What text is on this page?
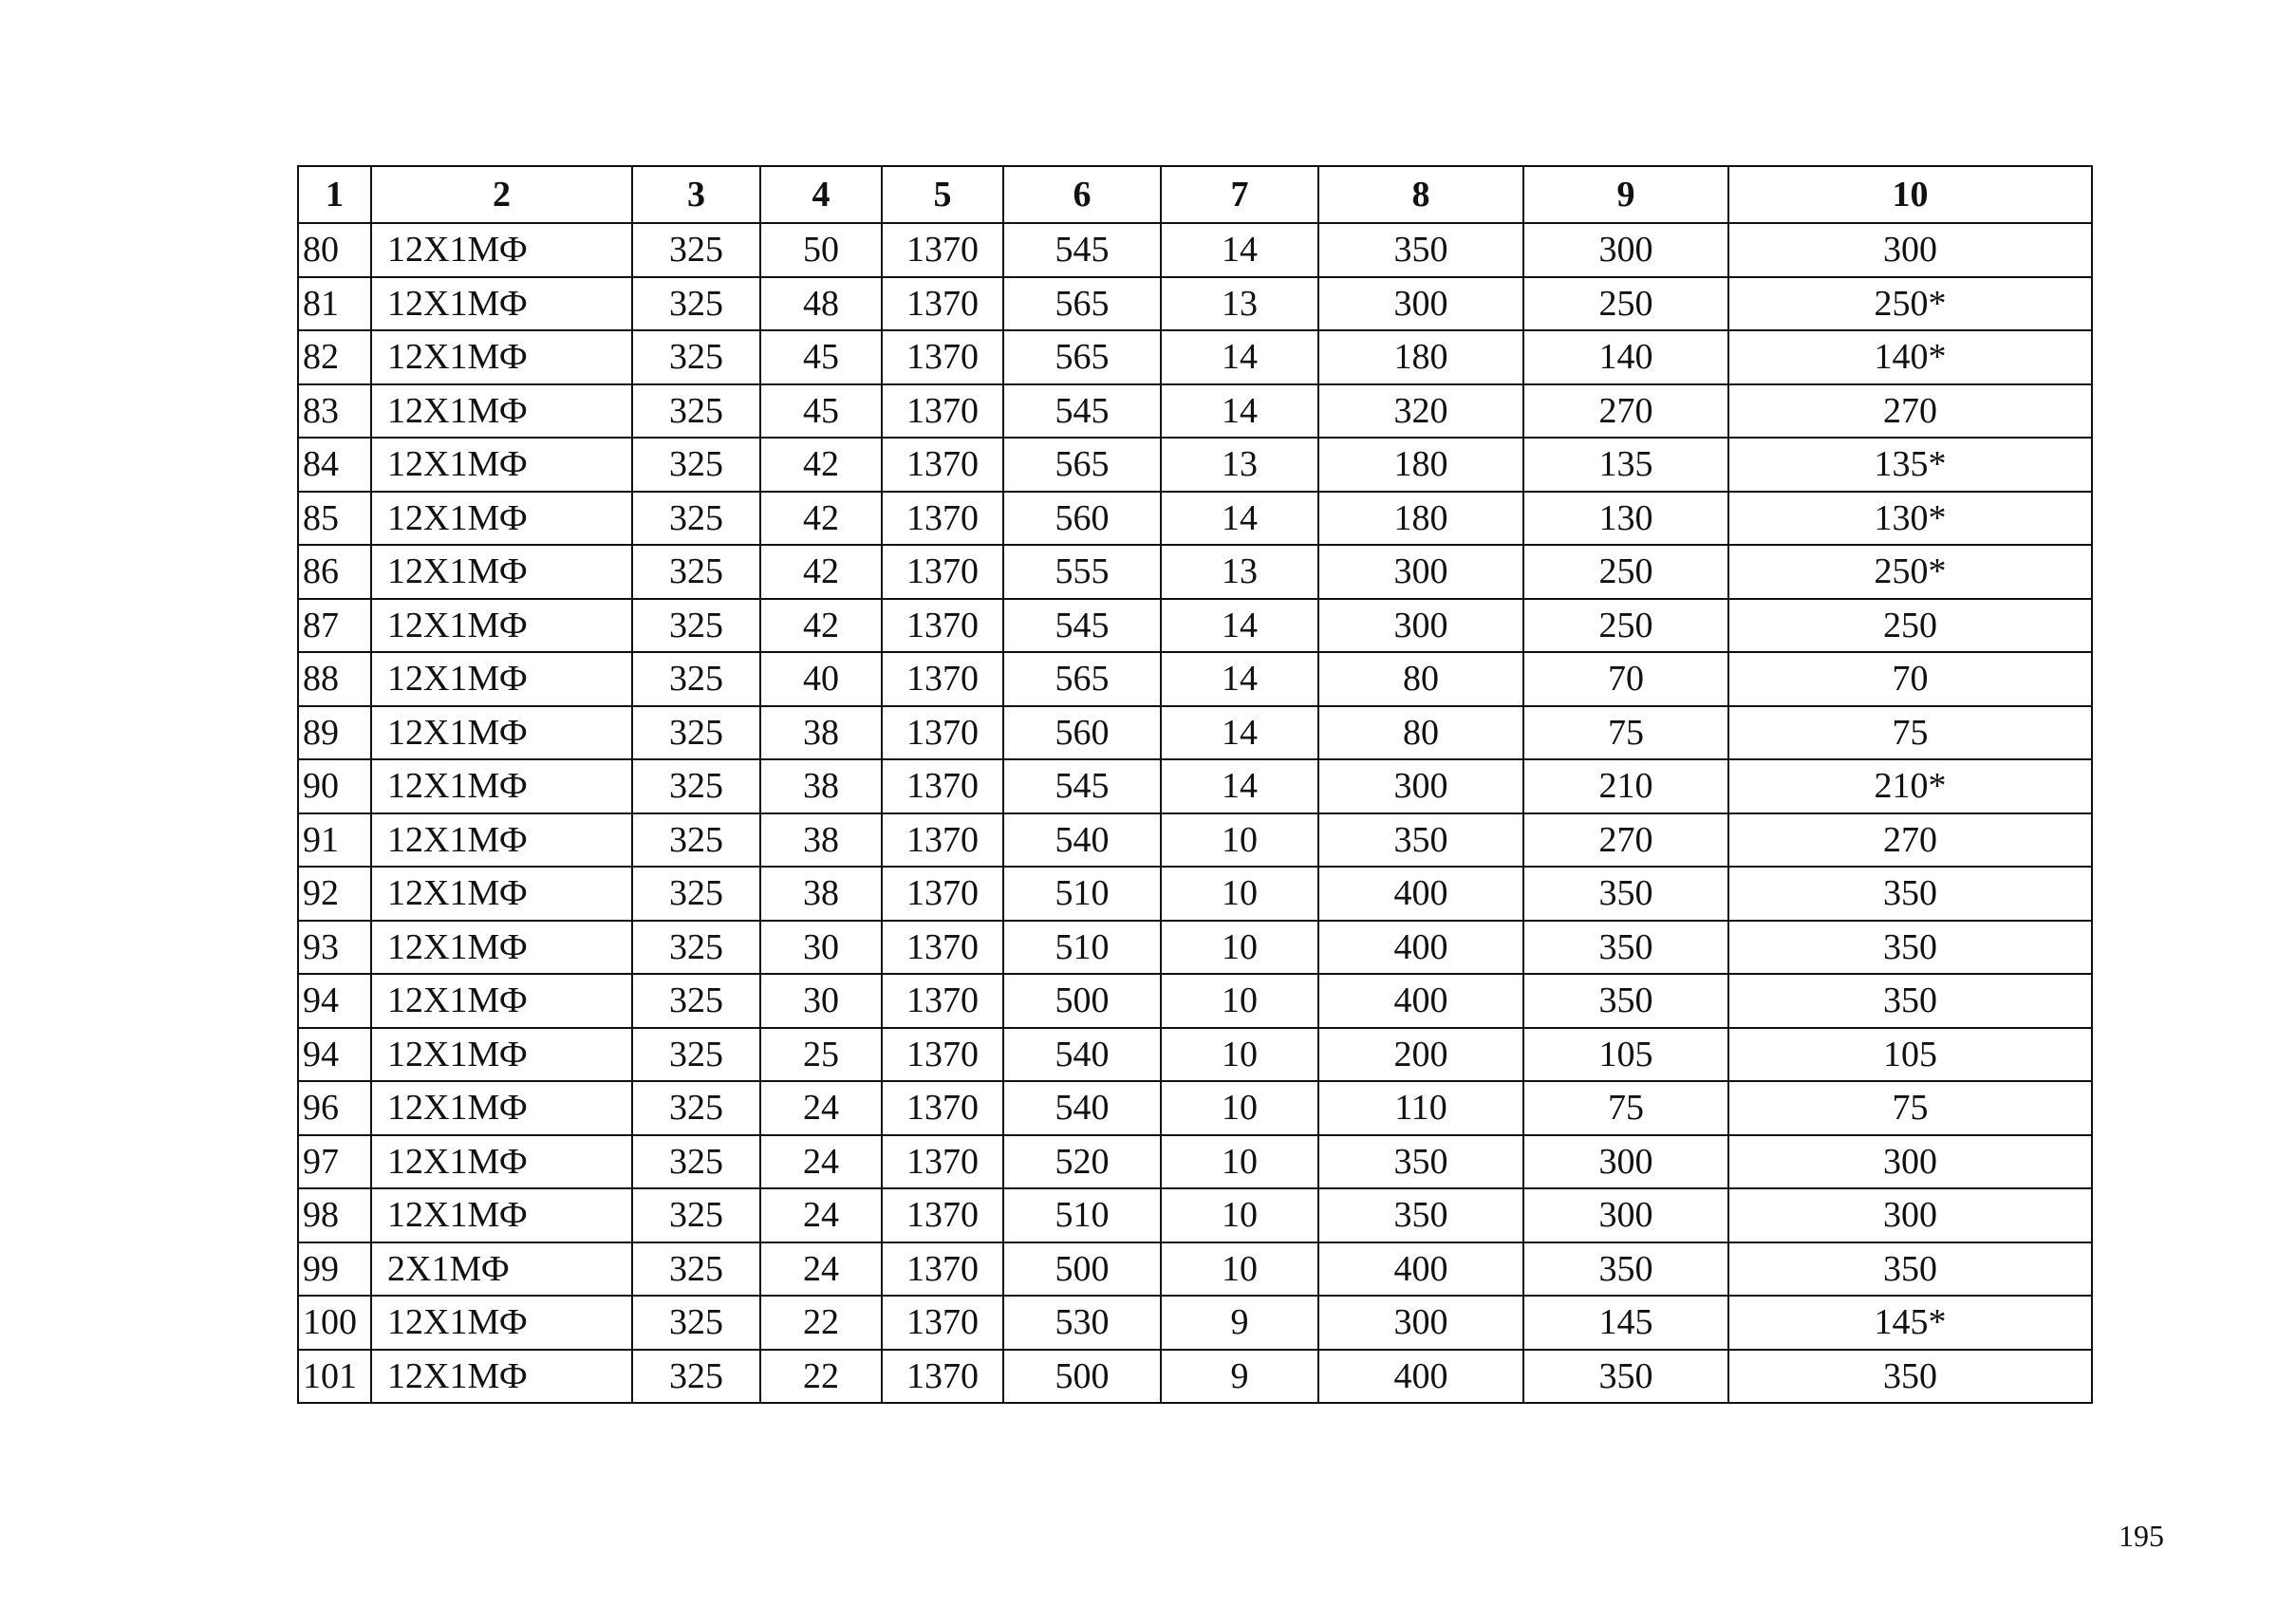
1	2	3	4	5	6	7	8	9	10
80	12Х1МФ	325	50	1370	545	14	350	300	300
81	12Х1МФ	325	48	1370	565	13	300	250	250*
82	12Х1МФ	325	45	1370	565	14	180	140	140*
83	12Х1МФ	325	45	1370	545	14	320	270	270
84	12Х1МФ	325	42	1370	565	13	180	135	135*
85	12Х1МФ	325	42	1370	560	14	180	130	130*
86	12Х1МФ	325	42	1370	555	13	300	250	250*
87	12Х1МФ	325	42	1370	545	14	300	250	250
88	12Х1МФ	325	40	1370	565	14	80	70	70
89	12Х1МФ	325	38	1370	560	14	80	75	75
90	12Х1МФ	325	38	1370	545	14	300	210	210*
91	12Х1МФ	325	38	1370	540	10	350	270	270
92	12Х1МФ	325	38	1370	510	10	400	350	350
93	12Х1МФ	325	30	1370	510	10	400	350	350
94	12Х1МФ	325	30	1370	500	10	400	350	350
94	12Х1МФ	325	25	1370	540	10	200	105	105
96	12Х1МФ	325	24	1370	540	10	110	75	75
97	12Х1МФ	325	24	1370	520	10	350	300	300
98	12Х1МФ	325	24	1370	510	10	350	300	300
99	2Х1МФ	325	24	1370	500	10	400	350	350
100	12Х1МФ	325	22	1370	530	9	300	145	145*
101	12Х1МФ	325	22	1370	500	9	400	350	350
195
